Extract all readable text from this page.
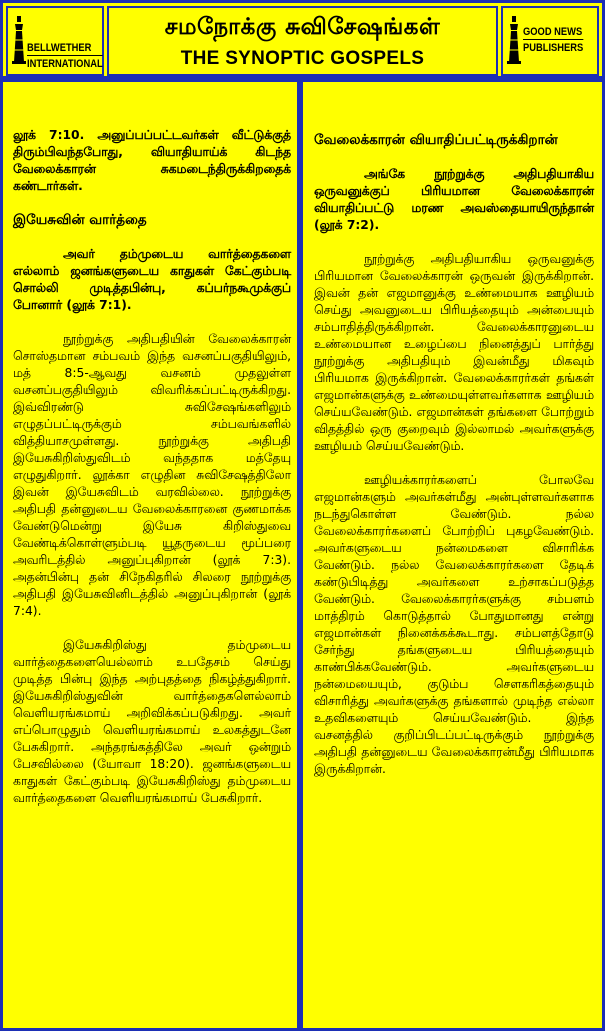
BELLWETHER
INTERNATIONAL
சமநோக்கு சுவிசேஷங்கள்
THE SYNOPTIC GOSPELS
GOOD NEWS
PUBLISHERS

லூக் 7:10. அனுப்பப்பட்டவர்கள் வீட்டுக்குத் திரும்பிவந்தபோது, வியாதியாய்க் கிடந்த வேலைக்காரன் சுகமடைந்திருக்கிறதைக் கண்டார்கள்.

இயேசுவின் வார்த்தை

அவர் தம்முடைய வார்த்தைகளை எல்லாம் ஜனங்களுடைய காதுகள் கேட்கும்படி சொல்லி முடித்தபின்பு, கப்பர்நகூமுக்குப் போனார் (லூக் 7:1).

நூற்றுக்கு அதிபதியின் வேலைக்காரன் சொஸ்தமான சம்பவம் இந்த வசனப்பகுதியிலும், மத் 8:5-ஆவது வசனம் முதலுள்ள வசனப்பகுதியிலும் விவரிக்கப்பட்டிருக்கிறது. இவ்விரண்டு சுவிசேஷங்களிலும் எழுதப்பட்டிருக்கும் சம்பவங்களில் வித்தியாசமுள்ளது. நூற்றுக்கு அதிபதி இயேசுகிறிஸ்துவிடம் வந்ததாக மத்தேயு எழுதுகிறார். லூக்கா எழுதின சுவிசேஷத்திலோ இவன் இயேசுவிடம் வரவில்லை. நூற்றுக்கு அதிபதி தன்னுடைய வேலைக்காரனை குணமாக்க வேண்டுமென்று இயேசு கிறிஸ்துவை வேண்டிக்கொள்ளும்படி யூதருடைய மூப்பரை அவரிடத்தில் அனுப்புகிறான் (லூக் 7:3). அதன்பின்பு தன் சிநேகிதரில் சிலரை நூற்றுக்கு அதிபதி இயேசுவினிடத்தில் அனுப்புகிறான் (லூக் 7:4).

இயேசுகிறிஸ்து தம்முடைய வார்த்தைகளையெல்லாம் உபதேசம் செய்து முடித்த பின்பு இந்த அற்புதத்தை நிகழ்த்துகிறார். இயேசுகிறிஸ்துவின் வார்த்தைகளெல்லாம் வெளியரங்கமாய் அறிவிக்கப்படுகிறது. அவர் எப்பொழுதும் வெளியரங்கமாய் உலகத்துடனே பேசுகிறார். அந்தரங்கத்திலே அவர் ஒன்றும் பேசவில்லை (யோவா 18:20). ஜனங்களுடைய காதுகள் கேட்கும்படி இயேசுகிறிஸ்து தம்முடைய வார்த்தைகளை வெளியரங்கமாய் பேசுகிறார்.

வேலைக்காரன் வியாதிப்பட்டிருக்கிறான்

அங்கே நூற்றுக்கு அதிபதியாகிய ஒருவனுக்குப் பிரியமான வேலைக்காரன் வியாதிப்பட்டு மரண அவஸ்தையாயிருந்தான் (லூக் 7:2).

நூற்றுக்கு அதிபதியாகிய ஒருவனுக்கு பிரியமான வேலைக்காரன் ஒருவன் இருக்கிறான். இவன் தன் எஜமானுக்கு உண்மையாக ஊழியம் செய்து அவனுடைய பிரியத்தையும் அன்பையும் சம்பாதித்திருக்கிறான். வேலைக்காரனுடைய உண்மையான உழைப்பை நினைத்துப் பார்த்து நூற்றுக்கு அதிபதியும் இவன்மீது மிகவும் பிரியமாக இருக்கிறான். வேலைக்காரர்கள் தங்கள் எஜமான்களுக்கு உண்மையுள்ளவர்களாக ஊழியம் செய்யவேண்டும். எஜமான்கள் தங்களை போற்றும் விதத்தில் ஒரு குறைவும் இல்லாமல் அவர்களுக்கு ஊழியம் செய்யவேண்டும்.

ஊழியக்காரர்களைப் போலவே எஜமான்களும் அவர்கள்மீது அன்புள்ளவர்களாக நடந்துகொள்ள வேண்டும். நல்ல வேலைக்காரர்களைப் போற்றிப் புகழவேண்டும். அவர்களுடைய நன்மைகளை விசாரிக்க வேண்டும். நல்ல வேலைக்காரர்களை தேடிக் கண்டுபிடித்து அவர்களை உற்சாகப்படுத்த வேண்டும். வேலைக்காரர்களுக்கு சம்பளம் மாத்திரம் கொடுத்தால் போதுமானது என்று எஜமான்கள் நினைக்கக்கூடாது. சம்பளத்தோடு சேர்ந்து தங்களுடைய பிரியத்தையும் காண்பிக்கவேண்டும். அவர்களுடைய நன்மையையும், குடும்ப சௌகரிகத்தையும் விசாரித்து அவர்களுக்கு தங்களால் முடிந்த எல்லா உதவிகளையும் செய்யவேண்டும். இந்த வசனத்தில் குறிப்பிடப்பட்டிருக்கும் நூற்றுக்கு அதிபதி தன்னுடைய வேலைக்காரன்மீது பிரியமாக இருக்கிறான்.
